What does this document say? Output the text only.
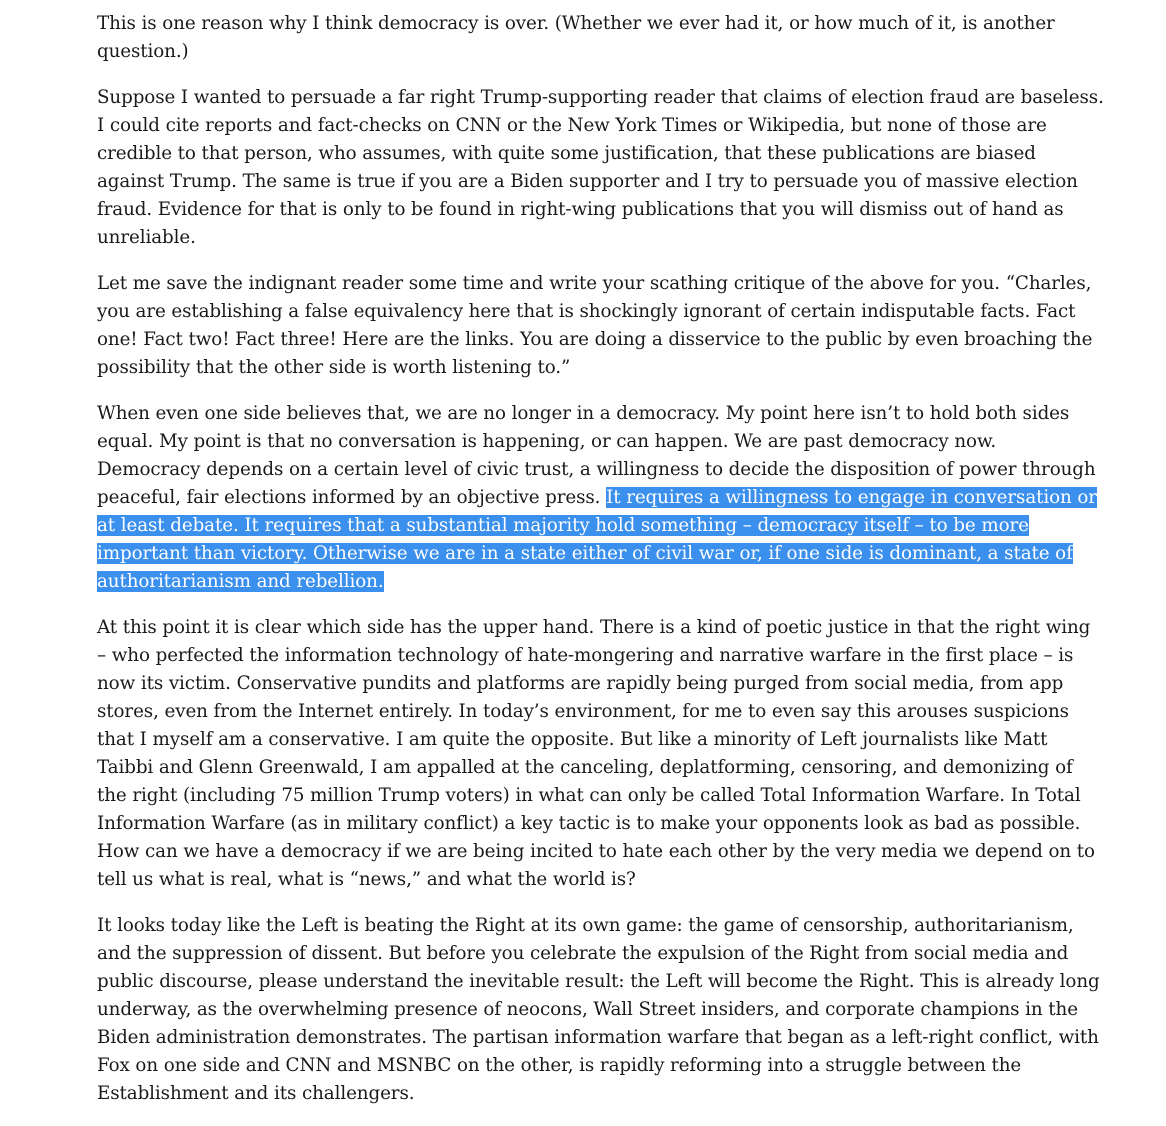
This is one reason why I think democracy is over. (Whether we ever had it, or how much of it, is another question.)

Suppose I wanted to persuade a far right Trump-supporting reader that claims of election fraud are baseless. I could cite reports and fact-checks on CNN or the New York Times or Wikipedia, but none of those are credible to that person, who assumes, with quite some justification, that these publications are biased against Trump. The same is true if you are a Biden supporter and I try to persuade you of massive election fraud. Evidence for that is only to be found in right-wing publications that you will dismiss out of hand as unreliable.

Let me save the indignant reader some time and write your scathing critique of the above for you. “Charles, you are establishing a false equivalency here that is shockingly ignorant of certain indisputable facts. Fact one! Fact two! Fact three! Here are the links. You are doing a disservice to the public by even broaching the possibility that the other side is worth listening to.”

When even one side believes that, we are no longer in a democracy. My point here isn’t to hold both sides equal. My point is that no conversation is happening, or can happen. We are past democracy now. Democracy depends on a certain level of civic trust, a willingness to decide the disposition of power through peaceful, fair elections informed by an objective press. It requires a willingness to engage in conversation or at least debate. It requires that a substantial majority hold something – democracy itself – to be more important than victory. Otherwise we are in a state either of civil war or, if one side is dominant, a state of authoritarianism and rebellion.

At this point it is clear which side has the upper hand. There is a kind of poetic justice in that the right wing – who perfected the information technology of hate-mongering and narrative warfare in the first place – is now its victim. Conservative pundits and platforms are rapidly being purged from social media, from app stores, even from the Internet entirely. In today’s environment, for me to even say this arouses suspicions that I myself am a conservative. I am quite the opposite. But like a minority of Left journalists like Matt Taibbi and Glenn Greenwald, I am appalled at the canceling, deplatforming, censoring, and demonizing of the right (including 75 million Trump voters) in what can only be called Total Information Warfare. In Total Information Warfare (as in military conflict) a key tactic is to make your opponents look as bad as possible. How can we have a democracy if we are being incited to hate each other by the very media we depend on to tell us what is real, what is “news,” and what the world is?

It looks today like the Left is beating the Right at its own game: the game of censorship, authoritarianism, and the suppression of dissent. But before you celebrate the expulsion of the Right from social media and public discourse, please understand the inevitable result: the Left will become the Right. This is already long underway, as the overwhelming presence of neocons, Wall Street insiders, and corporate champions in the Biden administration demonstrates. The partisan information warfare that began as a left-right conflict, with Fox on one side and CNN and MSNBC on the other, is rapidly reforming into a struggle between the Establishment and its challengers.
